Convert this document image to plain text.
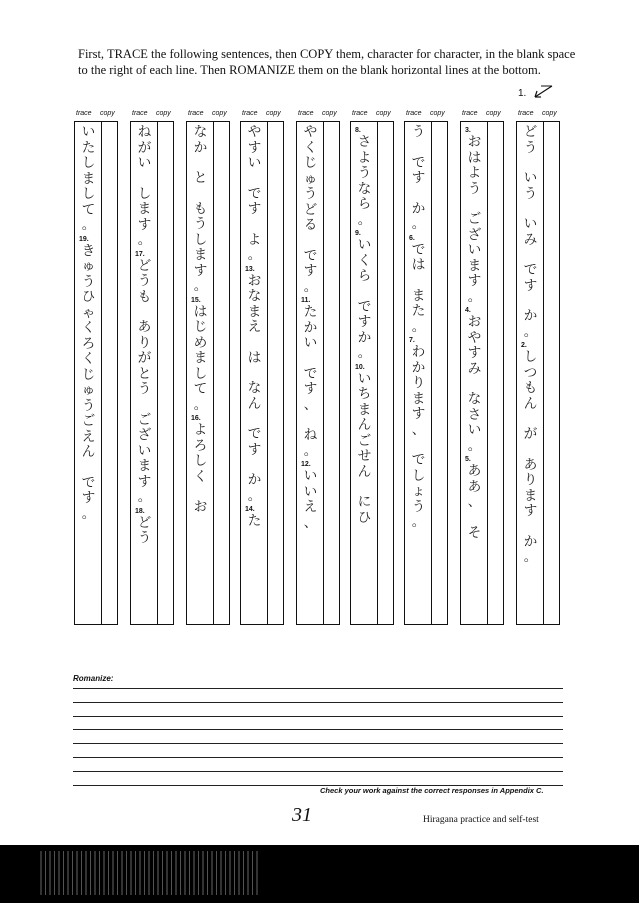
First, TRACE the following sentences, then COPY them, character for character, in the blank space
to the right of each line. Then ROMANIZE them on the blank horizontal lines at the bottom.
1.
trace copy
trace copy
trace copy
trace copy
trace copy
trace copy
trace copy
trace copy
trace copy
ど
う

い
う

い
み

で
す

か
。
2.
し
つ
も
ん

が

あ
り
ま
す

か
。
3.
お
は
よ
う

ご
ざ
い
ま
す
。
4.
お
や
す
み

な
さ
い
。
5.
あ
あ
、

そ
う

で
す

か
。
6.
で
は

ま
た
。
7.
わ
か
り
ま
す
、

で
し
ょ
う
。
8.
さ
よ
う
な
ら
。
9.
い
く
ら

で
す
か
。
10.
い
ち
ま
ん
ご
せ
ん

に
ひ
や
く
じ
ゅ
う
ど
る

で
す
。
11.
た
か
い

で
す
、

ね
。
12.
い
い
え
、
や
す
い

で
す

よ
。
13.
お
な
ま
え

は

な
ん

で
す

か
。
14.
た
な
か

と

も
う
し
ま
す
。
15.
は
じ
め
ま
し
て
。
16.
よ
ろ
し
く

お
ね
が
い

し
ま
す
。
17.
ど
う
も

あ
り
が
と
う

ご
ざ
い
ま
す
。
18.
ど
う
い
た
し
ま
し
て
。
19.
き
ゅ
う
ひ
ゃ
く
ろ
く
じ
ゅ
う
ご
え
ん

で
す
。
Romanize:
Check your work against the correct responses in Appendix C.
31	Hiragana practice and self-test
